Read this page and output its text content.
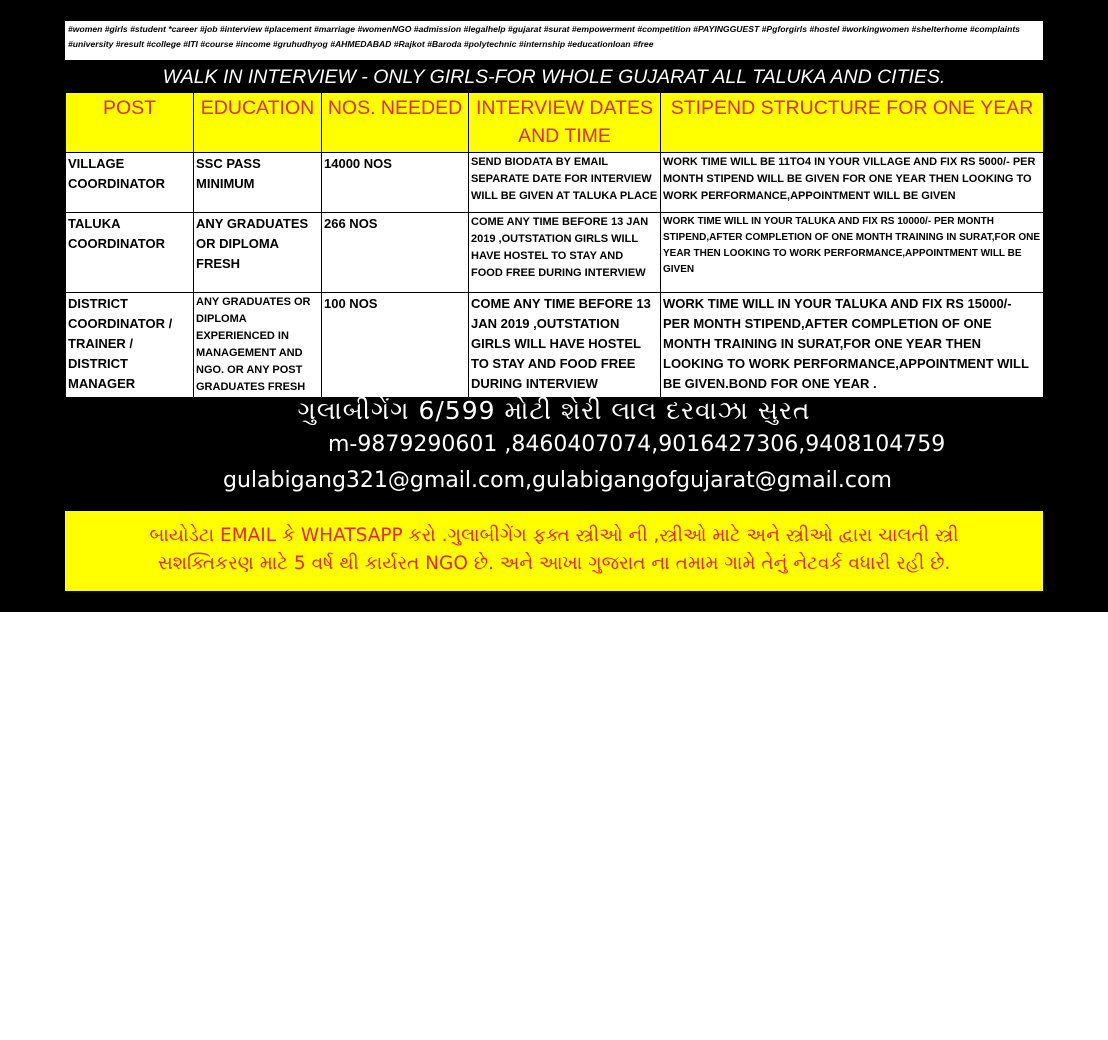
#women #girls #student *career #job #interview #placement #marriage #womenNGO #admission #legalhelp #gujarat #surat #empowerment #competition #PAYINGGUEST #Pgforgirls #hostel #workingwomen #shelterhome #complaints #university #result #college #ITI #course #income #gruhudhyog #AHMEDABAD #Rajkot #Baroda #polytechnic #internship #educationloan #free
WALK IN INTERVIEW - ONLY GIRLS-FOR WHOLE GUJARAT ALL TALUKA AND CITIES.
POST	EDUCATION	NOS. NEEDED	INTERVIEW DATES AND TIME	STIPEND STRUCTURE FOR ONE YEAR
VILLAGE COORDINATOR	SSC PASS MINIMUM	14000 NOS	SEND BIODATA BY EMAIL SEPARATE DATE FOR INTERVIEW WILL BE GIVEN AT TALUKA PLACE	WORK TIME WILL BE 11TO4 IN YOUR VILLAGE AND FIX RS 5000/- PER MONTH STIPEND WILL BE GIVEN FOR ONE YEAR THEN LOOKING TO WORK PERFORMANCE,APPOINTMENT WILL BE GIVEN
TALUKA COORDINATOR	ANY GRADUATES OR DIPLOMA FRESH	266 NOS	COME ANY TIME BEFORE 13 JAN 2019 ,OUTSTATION GIRLS WILL HAVE HOSTEL TO STAY AND FOOD FREE DURING INTERVIEW	WORK TIME WILL IN YOUR TALUKA AND FIX RS 10000/- PER MONTH STIPEND,AFTER COMPLETION OF ONE MONTH TRAINING IN SURAT,FOR ONE YEAR THEN LOOKING TO WORK PERFORMANCE,APPOINTMENT WILL BE GIVEN
DISTRICT COORDINATOR / TRAINER / DISTRICT MANAGER	ANY GRADUATES OR DIPLOMA EXPERIENCED IN MANAGEMENT AND NGO. OR ANY POST GRADUATES FRESH	100 NOS	COME ANY TIME BEFORE 13 JAN 2019 ,OUTSTATION GIRLS WILL HAVE HOSTEL TO STAY AND FOOD FREE DURING INTERVIEW	WORK TIME WILL IN YOUR TALUKA AND FIX RS 15000/- PER MONTH STIPEND,AFTER COMPLETION OF ONE MONTH TRAINING IN SURAT,FOR ONE YEAR THEN LOOKING TO WORK PERFORMANCE,APPOINTMENT WILL BE GIVEN.BOND FOR ONE YEAR .
ગુલાબીગેંગ 6/599 મોટી શેરી લાલ દરવાઝા સુરત
m-9879290601 ,8460407074,9016427306,9408104759
gulabigang321@gmail.com,gulabigangofgujarat@gmail.com
બાયોડેટા EMAIL કે WHATSAPP કરો .ગુલાબીગેંગ ફક્ત સ્ત્રીઓ ની ,સ્ત્રીઓ માટે અને સ્ત્રીઓ દ્વારા ચાલતી સ્ત્રી
સશક્તિકરણ માટે 5 વર્ષ થી કાર્યરત NGO છે. અને આખા ગુજરાત ના તમામ ગામે તેનું નેટવર્ક વધારી રહી છે.
